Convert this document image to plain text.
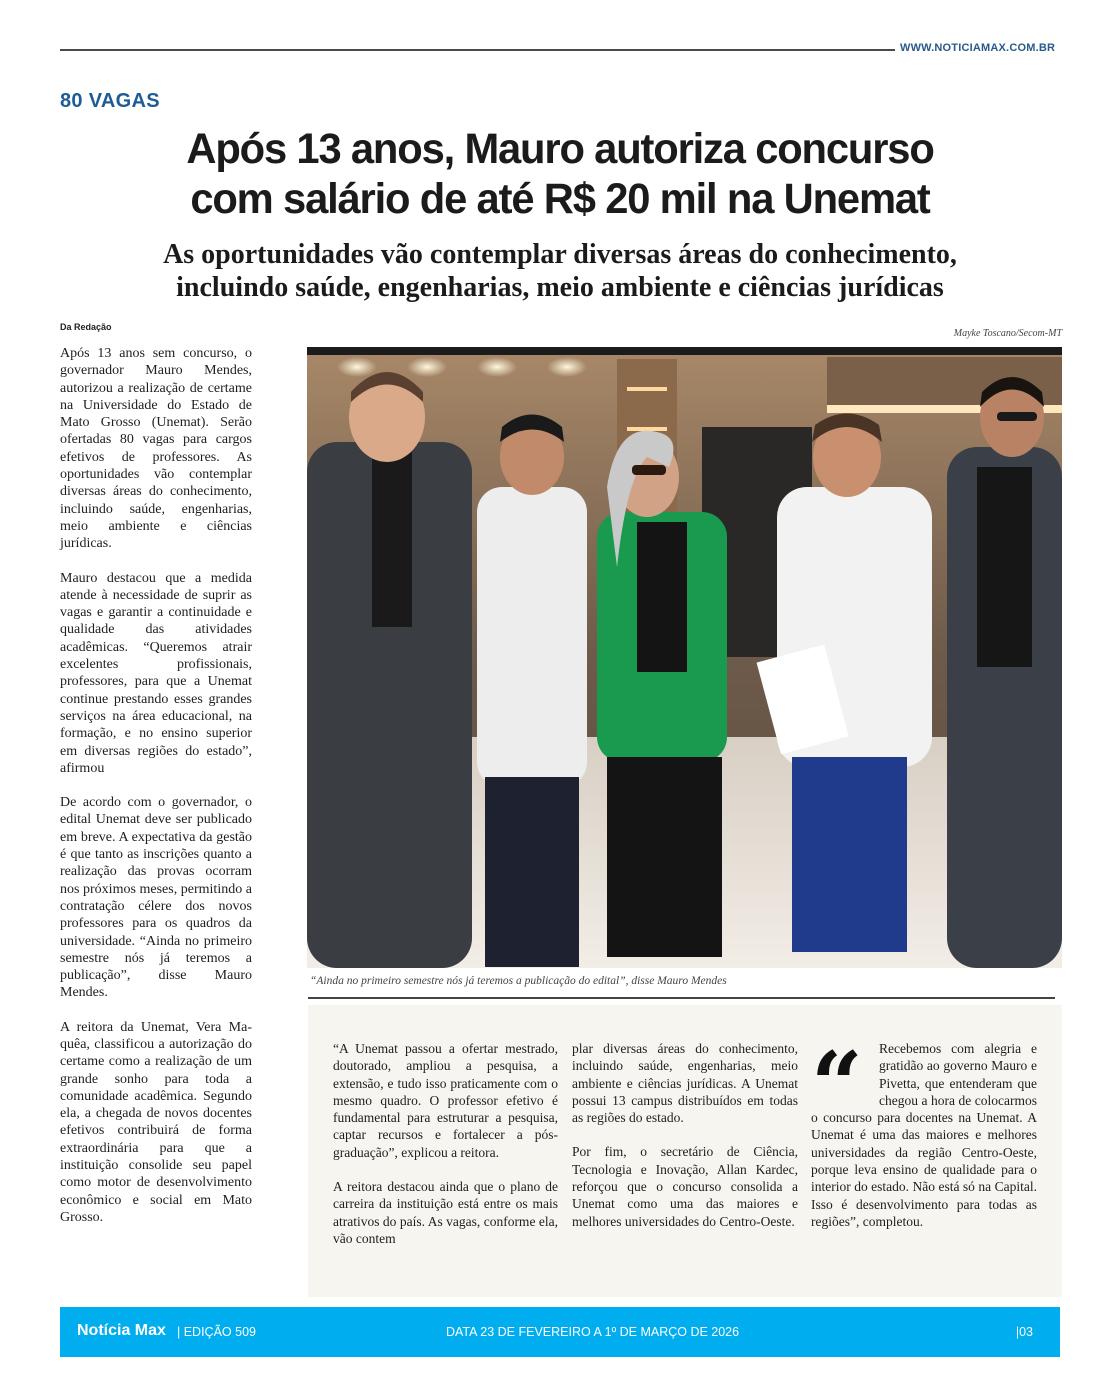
WWW.NOTICIAMAX.COM.BR
80 VAGAS
Após 13 anos, Mauro autoriza concurso
com salário de até R$ 20 mil na Unemat
As oportunidades vão contemplar diversas áreas do conhecimento,
incluindo saúde, engenharias, meio ambiente e ciências jurídicas
Da Redação
Mayke Toscano/Secom-MT

Após 13 anos sem concurso, o governador Mauro Mendes, autorizou a realização de certame na Universidade do Estado de Mato Grosso (Unemat). Serão ofertadas 80 vagas para cargos efetivos de professores. As oportunidades vão contemplar diversas áreas do conhecimento, incluindo saúde, engenharias, meio ambiente e ciências jurídicas.

Mauro destacou que a medida atende à necessidade de suprir as vagas e garantir a continuidade e qualidade das atividades acadêmicas. “Queremos atrair excelentes profissionais, professores, para que a Unemat continue prestando esses grandes serviços na área educacional, na formação, e no ensino superior em diversas regiões do estado”, afirmou

De acordo com o governador, o edital Unemat deve ser publicado em breve. A expectativa da gestão é que tanto as inscrições quanto a realização das provas ocorram nos próximos meses, permitindo a contratação célere dos novos professores para os quadros da universidade. “Ainda no primeiro semestre nós já teremos a publicação”, disse Mauro Mendes.

A reitora da Unemat, Vera Maquêa, classificou a autorização do certame como a realização de um grande sonho para toda a comunidade acadêmica. Segundo ela, a chegada de novos docentes efetivos contribuirá de forma extraordinária para que a instituição consolide seu papel como motor de desenvolvimento econômico e social em Mato Grosso.

“Ainda no primeiro semestre nós já teremos a publicação do edital”, disse Mauro Mendes

“A Unemat passou a ofertar mestrado, doutorado, ampliou a pesquisa, a extensão, e tudo isso praticamente com o mesmo quadro. O professor efetivo é fundamental para estruturar a pesquisa, captar recursos e fortalecer a pós-graduação”, explicou a reitora.

A reitora destacou ainda que o plano de carreira da instituição está entre os mais atrativos do país. As vagas, conforme ela, vão contem

plar diversas áreas do conhecimento, incluindo saúde, engenharias, meio ambiente e ciências jurídicas. A Unemat possui 13 campus distribuídos em todas as regiões do estado.

Por fim, o secretário de Ciência, Tecnologia e Inovação, Allan Kardec, reforçou que o concurso consolida a Unemat como uma das maiores e melhores universidades do Centro-Oeste.

“	Recebemos com alegria e gratidão ao governo Mauro e Pivetta, que entenderam que chegou a hora de colocarmos o concurso para docentes na Unemat. A Unemat é uma das maiores e melhores universidades da região Centro-Oeste, porque leva ensino de qualidade para o interior do estado. Não está só na Capital. Isso é desenvolvimento para todas as regiões”, completou.
Notícia Max | EDIÇÃO 509	DATA 23 DE FEVEREIRO A 1º DE MARÇO DE 2026	|03
